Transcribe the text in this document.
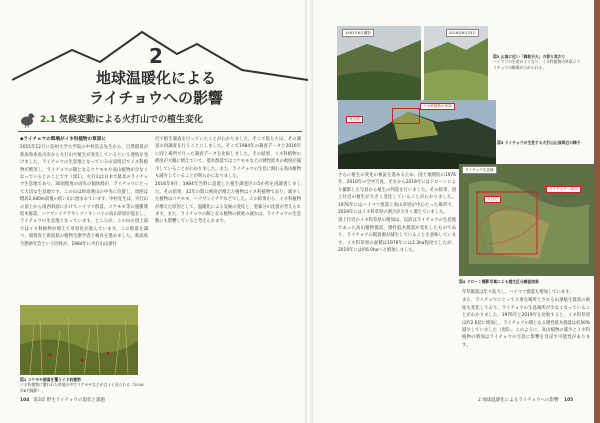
2
地球温暖化による
ライチョウへの影響
2.1 気候変動による火打山での植生変化

◆ライチョウの餌場がイネ科植物の草原に

2015年12月に信州大学大学院の中村浩志先生から、自然環境が新潟県糸魚川市から火打山で植生が変化しているという連絡を受けました。ライチョウの生息地となっている山頂周辺でイネ科植物が繁茂し、ライチョウの餌となるコケモモや高山植物が少なくなっているとのことです（図1）。火打山は日本で最北のライチョウ生息地であり、30羽程度の固有の個体群が、ライチョウにとって大切な生息地です。この山は妙高連山の中央に位置し、周囲は標高2,000m前後の低い山に囲まれています。中村先生は、火打山の頂上から南西斜面にかけてハイマツ群落、コケモモ等の風衝矮低木群落、ハクサンイチゲやシナノキンバイの高山草原が混在し、ライチョウの生息地となっています。ところが、この山の頂上部ではイネ科植物が増えて草原化が進んでいます。この群落を調べ、環境省と新潟県の植物生態学者と検討を進めました。新潟県生態研究会という団体が、1984年に火打山山頂付

近で植生調査を行っていたことがわかりました。そこで私たちは、その調査の再調査を行うことにしました。そこで1984年の調査データと2016年に同じ場所で行った調査データを比較しました。その結果、イネ科植物の被度が大幅に増えていて、低木群落ではコケモモなどの矮性低木の被度が減少していることがわかりました。また、ライチョウの生息に関わる高山植物も減少していることが明らかになりました。

2016年9月、1984年当時に設置した植生調査区の5か所を再調査しました。その結果、32年の間に被度が増えた植物はイネ科植物であり、減少した植物はコケモモ、ハクサンイチゲなどでした。この結果から、イネ科植物が増えた原因として、温暖化による気候の変化と、窒素分の沈着が考えられます。また、ライチョウの餌となる植物の被度の減少は、ライチョウの生息数にも影響していると考えられます。

図1 コケモモ群落を覆うイネ科植物
イネ科植物に覆われた草地の中でコケモモなどが点々と見られる（2016年8月撮影）。
104 第3章 野生ライチョウの現状と課題
1981年6月撮影	2016年8月23日
図2 山頂に近い「御前天火」の移り変わり
ハイマツの生育がよくなり、イネ科植物の草原にライチョウの餌場が占められる。
イネ科植物の草原
登山道
図3 ライチョウが生息する火打山山頂周辺の様子

さらに植生の変化の検証を進めるため、国土地理院の1976年、2010年の空中写真、それから2019年にはドローンにより撮影した写真から植生の判読を行いました。その結果、頂上付近の植生が大きく変化していることがわかりました。1976年にはハイマツ群落と高山草原が中心だった場所で、2019年にはイネ科草原の割合が大きく増えていました。

頂上付近のイネ科草原の増加は、以前はライチョウの生息地であった高山植物群落、矮性低木群落が変化したものであり、ライチョウの餌資源が減少していることを意味しています。イネ科草原の面積は1976年には2.3ha程度でしたが、2019年には約6.0haへと増加しました。

ライチョウ生息域
火打山
ライチョウ一部区
図4 ドローン撮影写真による植生区分調査結果

年草群落は年々拡大し、ハイマツ群落も増加しています。

また、ライチョウにとって大事な場所とされる山頂植生群落の被度も変化しており、ライチョウの生息場所が少なくなっていることがわかりました。1976年と2019年を比較すると、イネ科草原は約2.6倍に増加し、ライチョウの餌となる矮性低木群落は約50%減少していました（図5）。このように、高山植物の減少とイネ科植物の増加はライチョウの生息に影響を及ぼす可能性があります。

2 地球温暖化によるライチョウへの影響 105
